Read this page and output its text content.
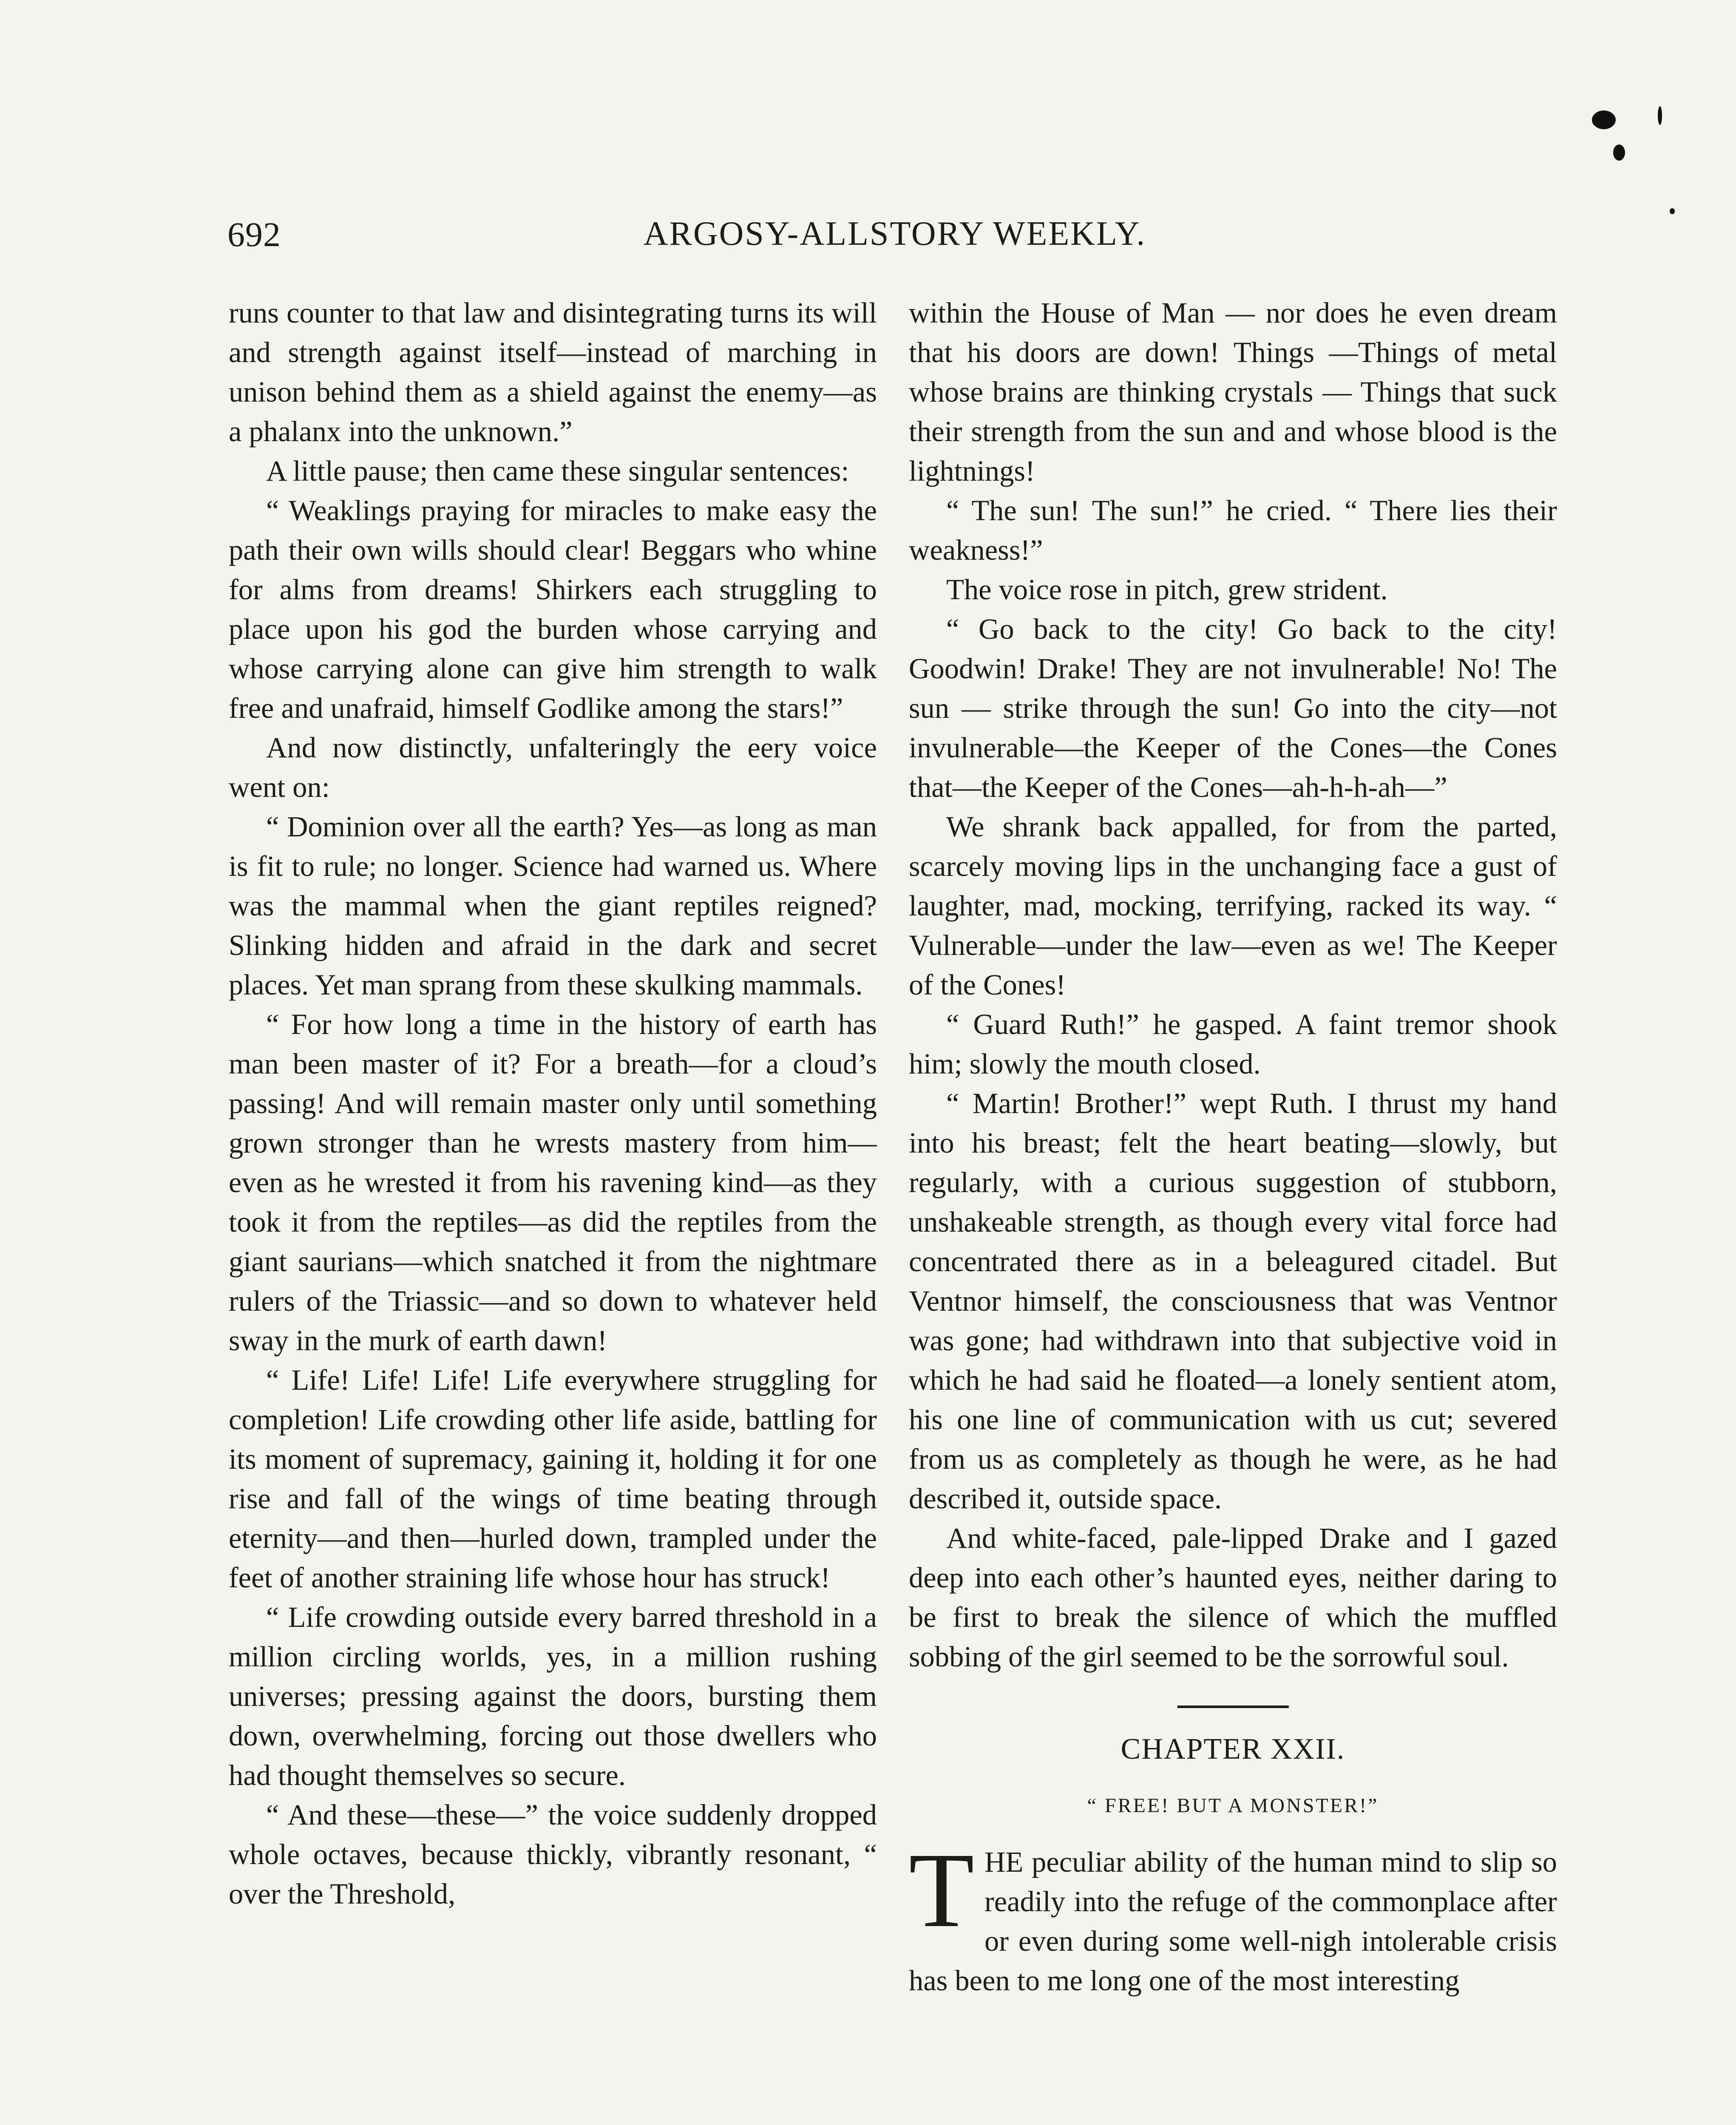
692	ARGOSY-ALLSTORY WEEKLY.

runs counter to that law and disintegrating turns its will and strength against itself—instead of marching in unison behind them as a shield against the enemy—as a phalanx into the unknown.”

A little pause; then came these singular sentences:

“ Weaklings praying for miracles to make easy the path their own wills should clear! Beggars who whine for alms from dreams! Shirkers each struggling to place upon his god the burden whose carrying and whose carrying alone can give him strength to walk free and unafraid, himself Godlike among the stars!”

And now distinctly, unfalteringly the eery voice went on:

“ Dominion over all the earth? Yes—as long as man is fit to rule; no longer. Science had warned us. Where was the mammal when the giant reptiles reigned? Slinking hidden and afraid in the dark and secret places. Yet man sprang from these skulking mammals.

“ For how long a time in the history of earth has man been master of it? For a breath—for a cloud’s passing! And will remain master only until something grown stronger than he wrests mastery from him—even as he wrested it from his ravening kind—as they took it from the reptiles—as did the reptiles from the giant saurians—which snatched it from the nightmare rulers of the Triassic—and so down to whatever held sway in the murk of earth dawn!

“ Life! Life! Life! Life everywhere struggling for completion! Life crowding other life aside, battling for its moment of supremacy, gaining it, holding it for one rise and fall of the wings of time beating through eternity—and then—hurled down, trampled under the feet of another straining life whose hour has struck!

“ Life crowding outside every barred threshold in a million circling worlds, yes, in a million rushing universes; pressing against the doors, bursting them down, overwhelming, forcing out those dwellers who had thought themselves so secure.

“ And these—these—” the voice suddenly dropped whole octaves, because thickly, vibrantly resonant, “ over the Threshold,

within the House of Man — nor does he even dream that his doors are down! Things —Things of metal whose brains are thinking crystals — Things that suck their strength from the sun and and whose blood is the lightnings!

“ The sun! The sun!” he cried. “ There lies their weakness!”

The voice rose in pitch, grew strident.

“ Go back to the city! Go back to the city! Goodwin! Drake! They are not invulnerable! No! The sun — strike through the sun! Go into the city—not invulnerable—the Keeper of the Cones—the Cones that—the Keeper of the Cones—ah-h-h-ah—”

We shrank back appalled, for from the parted, scarcely moving lips in the unchanging face a gust of laughter, mad, mocking, terrifying, racked its way. “ Vulnerable—under the law—even as we! The Keeper of the Cones!

“ Guard Ruth!” he gasped. A faint tremor shook him; slowly the mouth closed.

“ Martin! Brother!” wept Ruth. I thrust my hand into his breast; felt the heart beating—slowly, but regularly, with a curious suggestion of stubborn, unshakeable strength, as though every vital force had concentrated there as in a beleagured citadel. But Ventnor himself, the consciousness that was Ventnor was gone; had withdrawn into that subjective void in which he had said he floated—a lonely sentient atom, his one line of communication with us cut; severed from us as completely as though he were, as he had described it, outside space.

And white-faced, pale-lipped Drake and I gazed deep into each other’s haunted eyes, neither daring to be first to break the silence of which the muffled sobbing of the girl seemed to be the sorrowful soul.

CHAPTER XXII.
“ FREE! BUT A MONSTER!”

THE peculiar ability of the human mind to slip so readily into the refuge of the commonplace after or even during some well-nigh intolerable crisis has been to me long one of the most interesting
